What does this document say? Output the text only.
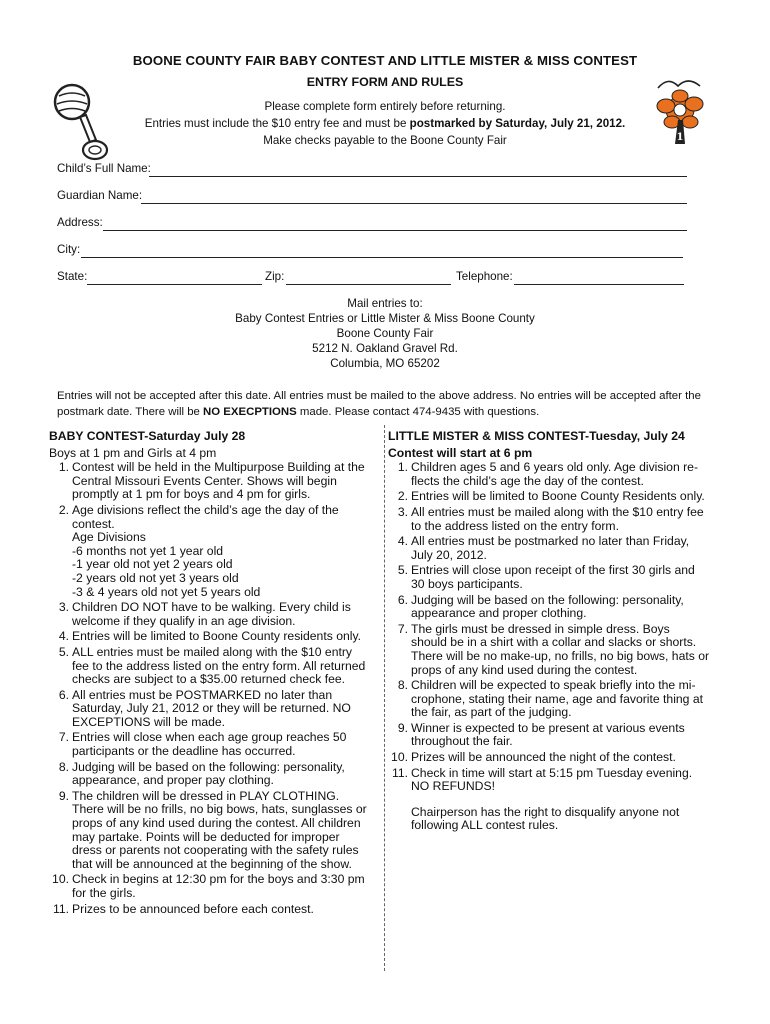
BOONE COUNTY FAIR BABY CONTEST AND LITTLE MISTER & MISS CONTEST
ENTRY FORM AND RULES
Please complete form entirely before returning.
Entries must include the $10 entry fee and must be postmarked by Saturday, July 21, 2012.
Make checks payable to the Boone County Fair	1
Child’s Full Name:
Guardian Name:
Address:
City:
State:	Zip:	Telephone:
Mail entries to:
Baby Contest Entries or Little Mister & Miss Boone County
Boone County Fair
5212 N. Oakland Gravel Rd.
Columbia, MO 65202
Entries will not be accepted after this date. All entries must be mailed to the above address. No entries will be accepted after the postmark date. There will be NO EXECPTIONS made. Please contact 474-9435 with questions.
BABY CONTEST-Saturday July 28
Boys at 1 pm and Girls at 4 pm
1. Contest will be held in the Multipurpose Building at the
Central Missouri Events Center. Shows will begin
promptly at 1 pm for boys and 4 pm for girls.
2. Age divisions reflect the child’s age the day of the
contest.
Age Divisions
-6 months not yet 1 year old
-1 year old not yet 2 years old
-2 years old not yet 3 years old
-3 & 4 years old not yet 5 years old
3. Children DO NOT have to be walking. Every child is
welcome if they qualify in an age division.
4. Entries will be limited to Boone County residents only.
5. ALL entries must be mailed along with the $10 entry
fee to the address listed on the entry form. All returned
checks are subject to a $35.00 returned check fee.
6. All entries must be POSTMARKED no later than
Saturday, July 21, 2012 or they will be returned. NO
EXCEPTIONS will be made.
7. Entries will close when each age group reaches 50
participants or the deadline has occurred.
8. Judging will be based on the following: personality,
appearance, and proper pay clothing.
9. The children will be dressed in PLAY CLOTHING.
There will be no frills, no big bows, hats, sunglasses or
props of any kind used during the contest. All children
may partake. Points will be deducted for improper
dress or parents not cooperating with the safety rules
that will be announced at the beginning of the show.
10. Check in begins at 12:30 pm for the boys and 3:30 pm
for the girls.
11. Prizes to be announced before each contest.
LITTLE MISTER & MISS CONTEST-Tuesday, July 24
Contest will start at 6 pm
1. Children ages 5 and 6 years old only. Age division re-
flects the child’s age the day of the contest.
2. Entries will be limited to Boone County Residents only.
3. All entries must be mailed along with the $10 entry fee
to the address listed on the entry form.
4. All entries must be postmarked no later than Friday,
July 20, 2012.
5. Entries will close upon receipt of the first 30 girls and
30 boys participants.
6. Judging will be based on the following: personality,
appearance and proper clothing.
7. The girls must be dressed in simple dress. Boys
should be in a shirt with a collar and slacks or shorts.
There will be no make-up, no frills, no big bows, hats or
props of any kind used during the contest.
8. Children will be expected to speak briefly into the mi-
crophone, stating their name, age and favorite thing at
the fair, as part of the judging.
9. Winner is expected to be present at various events
throughout the fair.
10. Prizes will be announced the night of the contest.
11. Check in time will start at 5:15 pm Tuesday evening.
NO REFUNDS!
Chairperson has the right to disqualify anyone not
following ALL contest rules.
